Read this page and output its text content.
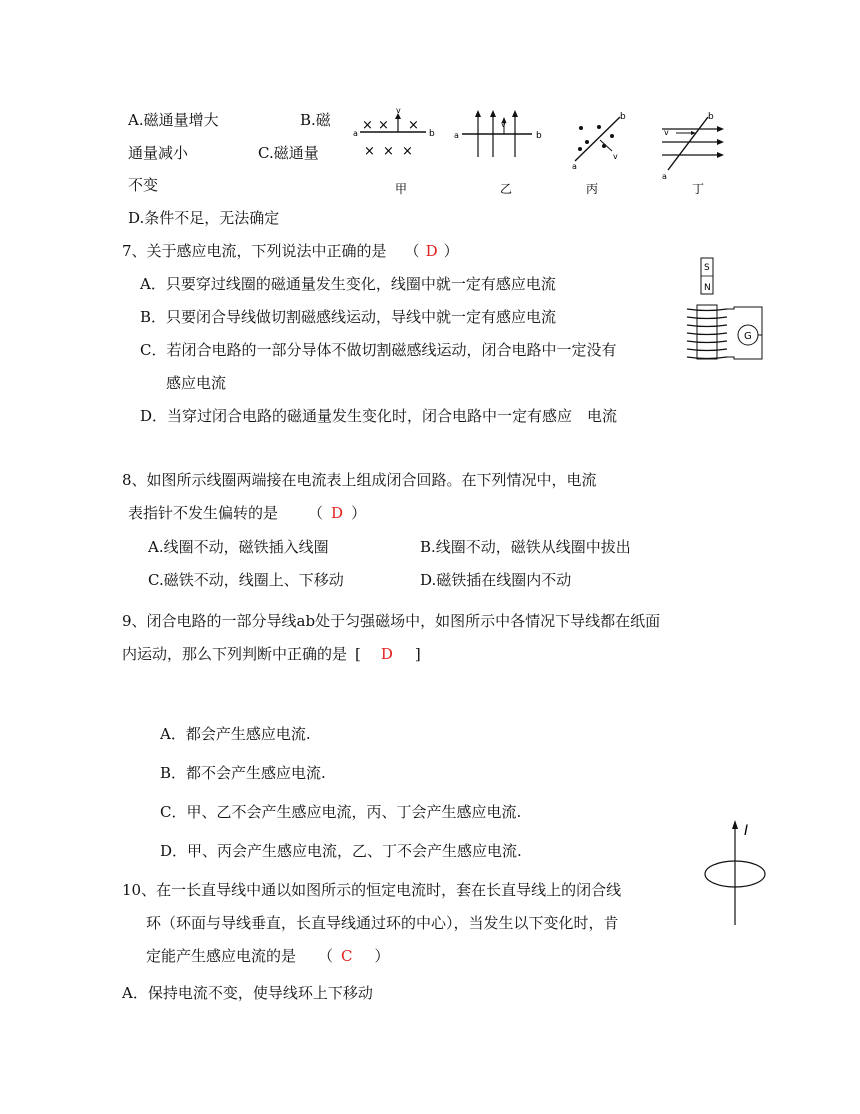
A.磁通量增大	B.磁
通量减小	C.磁通量
不变
D.条件不足，无法确定
a	b
× × ×
× × ×
v
甲
a	b
v
乙
a
b
v
丙
a
b
v
丁
7、关于感应电流，下列说法中正确的是 （ D ）
A．只要穿过线圈的磁通量发生变化，线圈中就一定有感应电流
B．只要闭合导线做切割磁感线运动，导线中就一定有感应电流
C．若闭合电路的一部分导体不做切割磁感线运动，闭合电路中一定没有
感应电流
D．当穿过闭合电路的磁通量发生变化时，闭合电路中一定有感应　电流
S
N
G
8、如图所示线圈两端接在电流表上组成闭合回路。在下列情况中，电流
表指针不发生偏转的是 （ D ）
A.线圈不动，磁铁插入线圈	B.线圈不动，磁铁从线圈中拔出
C.磁铁不动，线圈上、下移动	D.磁铁插在线圈内不动
9、闭合电路的一部分导线ab处于匀强磁场中，如图所示中各情况下导线都在纸面
内运动，那么下列判断中正确的是 [ D ]
A．都会产生感应电流.
B．都不会产生感应电流.
C．甲、乙不会产生感应电流，丙、丁会产生感应电流.
D．甲、丙会产生感应电流，乙、丁不会产生感应电流.
I
10、在一长直导线中通以如图所示的恒定电流时，套在长直导线上的闭合线
环（环面与导线垂直，长直导线通过环的中心），当发生以下变化时，肯
定能产生感应电流的是 （ C ）
A．保持电流不变，使导线环上下移动
